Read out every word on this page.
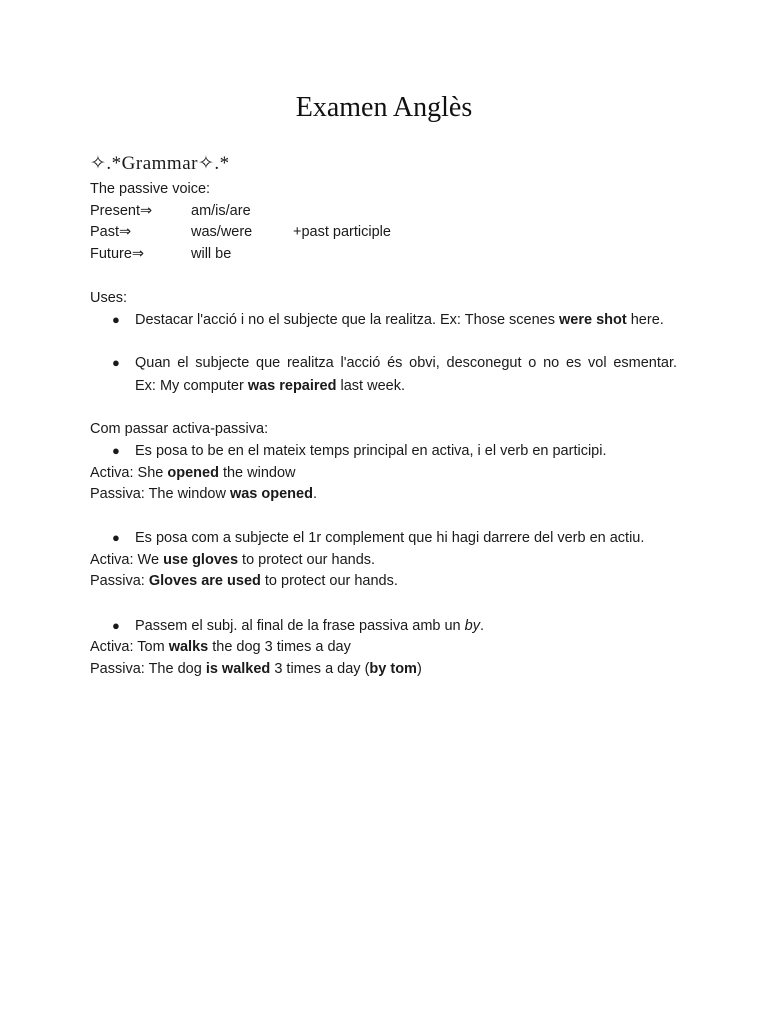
Examen Anglès
✧.*Grammar✧.*
The passive voice:
Present⇒	am/is/are
Past⇒	was/were	+past participle
Future⇒	will be
Uses:
● Destacar l'acció i no el subjecte que la realitza. Ex: Those scenes were shot here.
● Quan el subjecte que realitza l'acció és obvi, desconegut o no es vol esmentar.
Ex: My computer was repaired last week.
Com passar activa-passiva:
● Es posa to be en el mateix temps principal en activa, i el verb en participi.
Activa: She opened the window
Passiva: The window was opened.
● Es posa com a subjecte el 1r complement que hi hagi darrere del verb en actiu.
Activa: We use gloves to protect our hands.
Passiva: Gloves are used to protect our hands.
● Passem el subj. al final de la frase passiva amb un by.
Activa: Tom walks the dog 3 times a day
Passiva: The dog is walked 3 times a day (by tom)
